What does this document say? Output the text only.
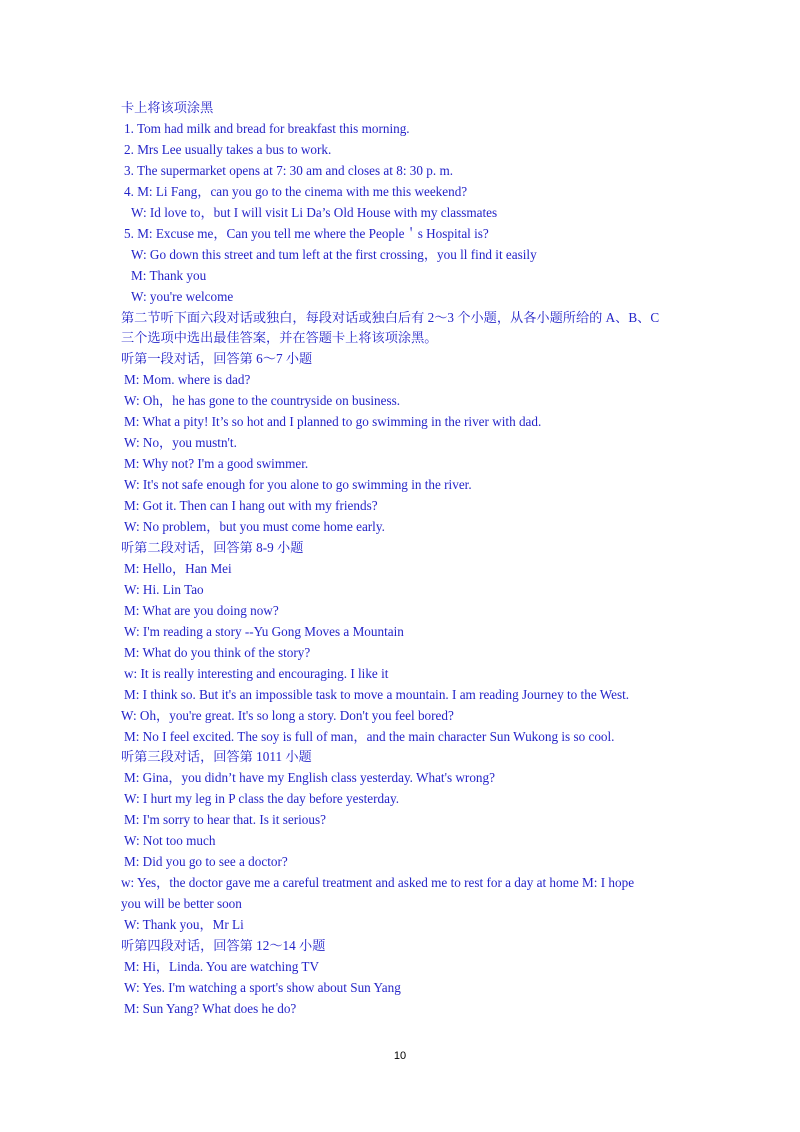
卡上将该项涂黑
1. Tom had milk and bread for breakfast this morning.
2. Mrs Lee usually takes a bus to work.
3. The supermarket opens at 7: 30 am and closes at 8: 30 p. m.
4. M: Li Fang，can you go to the cinema with me this weekend?
W: Id love to，but I will visit Li Da’s Old House with my classmates
5. M: Excuse me，Can you tell me where the People＇s Hospital is?
W: Go down this street and tum left at the first crossing，you ll find it easily
M: Thank you
W: you're welcome
第二节听下面六段对话或独白，每段对话或独白后有 2～3 个小题，从各小题所给的 A、B、C
三个选项中选出最佳答案，并在答题卡上将该项涂黑。
听第一段对话，回答第 6～7 小题
M: Mom. where is dad?
W: Oh，he has gone to the countryside on business.
M: What a pity! It’s so hot and I planned to go swimming in the river with dad.
W: No，you mustn't.
M: Why not? I'm a good swimmer.
W: It's not safe enough for you alone to go swimming in the river.
M: Got it. Then can I hang out with my friends?
W: No problem，but you must come home early.
听第二段对话，回答第 8-9 小题
M: Hello，Han Mei
W: Hi. Lin Tao
M: What are you doing now?
W: I'm reading a story --Yu Gong Moves a Mountain
M: What do you think of the story?
w: It is really interesting and encouraging. I like it
M: I think so. But it's an impossible task to move a mountain. I am reading Journey to the West.
W: Oh，you're great. It's so long a story. Don't you feel bored?
M: No I feel excited. The soy is full of man，and the main character Sun Wukong is so cool.
听第三段对话，回答第 1011 小题
M: Gina，you didn’t have my English class yesterday. What's wrong?
W: I hurt my leg in P class the day before yesterday.
M: I'm sorry to hear that. Is it serious?
W: Not too much
M: Did you go to see a doctor?
w: Yes，the doctor gave me a careful treatment and asked me to rest for a day at home M: I hope
you will be better soon
W: Thank you，Mr Li
听第四段对话，回答第 12～14 小题
M: Hi，Linda. You are watching TV
W: Yes. I'm watching a sport's show about Sun Yang
M: Sun Yang? What does he do?
10
